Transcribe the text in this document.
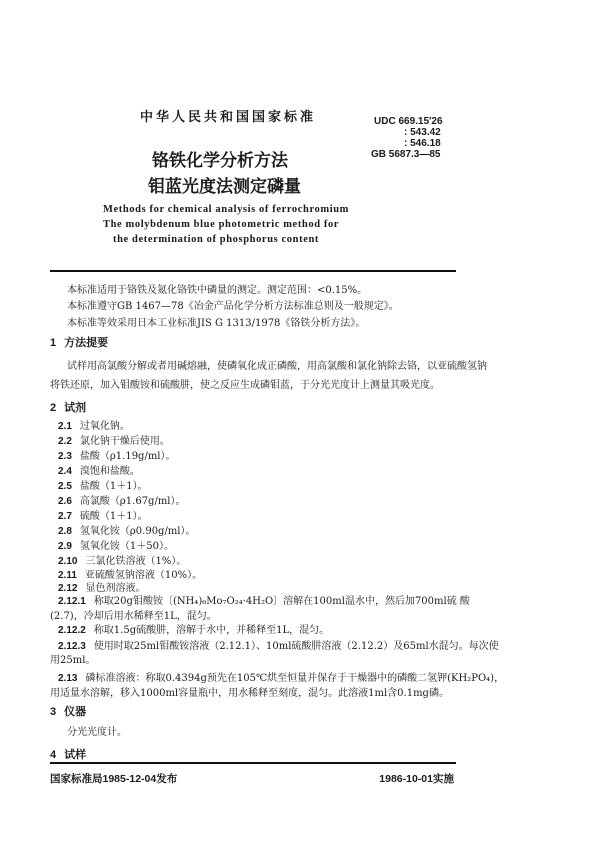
中华人民共和国国家标准	UDC 669.15′26
: 543.42
: 546.18
GB 5687.3—85
铬铁化学分析方法
钼蓝光度法测定磷量
Methods for chemical analysis of ferrochromium
The molybdenum blue photometric method for
the determination of phosphorus content
本标准适用于铬铁及氮化铬铁中磷量的测定。测定范围：<0.15%。
本标准遵守GB 1467—78《冶金产品化学分析方法标准总则及一般规定》。
本标准等效采用日本工业标准JIS G 1313/1978《铬铁分析方法》。
1 方法提要
试样用高氯酸分解或者用碱熔融，使磷氧化成正磷酸，用高氯酸和氯化钠除去铬，以亚硫酸氢钠
将铁还原，加入钼酸铵和硫酸肼，使之反应生成磷钼蓝，于分光光度计上测量其吸光度。
2 试剂
2.1 过氧化钠。
2.2 氯化钠干燥后使用。
2.3 盐酸（ρ1.19g/ml）。
2.4 溴饱和盐酸。
2.5 盐酸（1＋1）。
2.6 高氯酸（ρ1.67g/ml）。
2.7 硫酸（1＋1）。
2.8 氢氧化铵（ρ0.90g/ml）。
2.9 氢氧化铵（1＋50）。
2.10 三氯化铁溶液（1%）。
2.11 亚硫酸氢钠溶液（10%）。
2.12 显色剂溶液。
2.12.1 称取20g钼酸铵〔(NH₄)₆Mo₇O₂₄·4H₂O〕溶解在100ml温水中，然后加700ml硫 酸
(2.7)，冷却后用水稀释至1L，混匀。
2.12.2 称取1.5g硫酸肼，溶解于水中，并稀释至1L，混匀。
2.12.3 使用时取25ml钼酸铵溶液（2.12.1）、10ml硫酸肼溶液（2.12.2）及65ml水混匀。每次使
用25ml。
2.13 磷标准溶液：称取0.4394g预先在105℃烘至恒量并保存于干燥器中的磷酸二氢钾(KH₂PO₄)，
用适量水溶解，移入1000ml容量瓶中，用水稀释至刻度，混匀。此溶液1ml含0.1mg磷。
3 仪器
分光光度计。
4 试样
国家标准局1985-12-04发布	1986-10-01实施
